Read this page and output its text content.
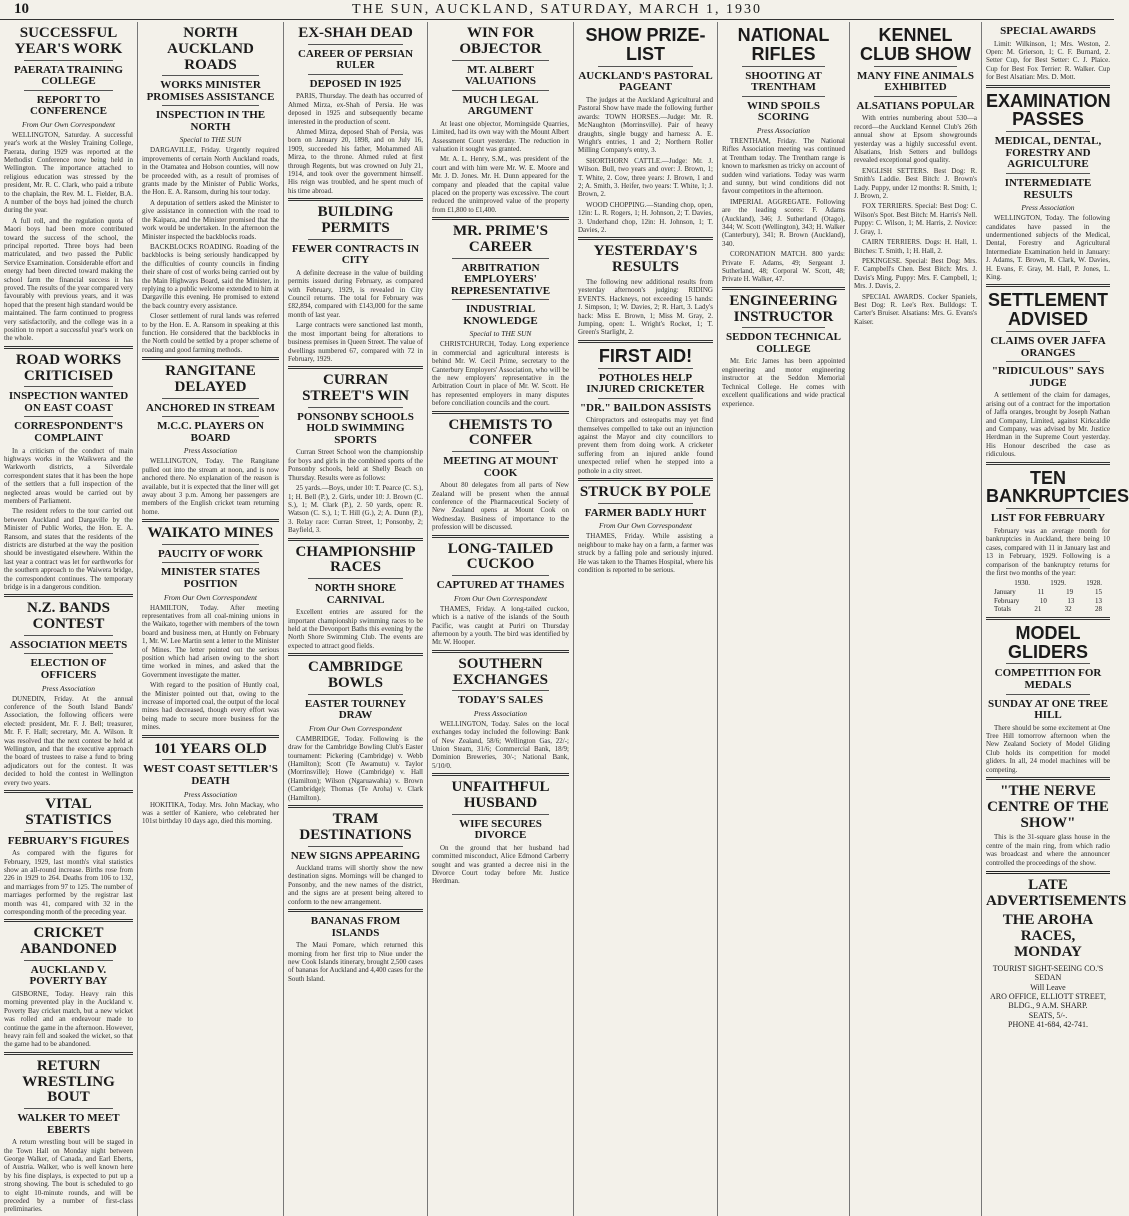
10	THE SUN, AUCKLAND, SATURDAY, MARCH 1, 1930
SUCCESSFUL YEAR'S WORK
PAERATA TRAINING COLLEGE
REPORT TO CONFERENCE
From Our Own Correspondent

WELLINGTON, Saturday. A successful year's work at the Wesley Training College, Paerata, during 1929 was reported at the Methodist Conference now being held in Wellington. The importance attached to religious education was stressed by the president, Mr. R. C. Clark, who paid a tribute to the chaplain, the Rev. M. L. Fielder, B.A. A number of the boys had joined the church during the year.

A full roll, and the regulation quota of Maori boys had been more contributed toward the success of the school, the principal reported. Three boys had been matriculated, and two passed the Public Service Examination. Considerable effort and energy had been directed toward making the school farm the financial success it has proved. The results of the year compared very favourably with previous years, and it was hoped that the present high standard would be maintained. The farm continued to progress very satisfactorily, and the college was in a position to report a successful year's work on the whole.

ROAD WORKS CRITICISED
INSPECTION WANTED ON EAST COAST
CORRESPONDENT'S COMPLAINT

In a criticism of the conduct of main highways works in the Waikwera and the Warkworth districts, a Silverdale correspondent states that it has been the hope of the settlers that a full inspection of the neglected areas would be carried out by members of Parliament.

The resident refers to the tour carried out between Auckland and Dargaville by the Minister of Public Works, the Hon. E. A. Ransom, and states that the residents of the districts are disturbed at the way the position should be investigated elsewhere. Within the last year a contract was let for earthworks for the southern approach to the Waiwera bridge, the correspondent continues. The temporary bridge is in a dangerous condition.

N.Z. BANDS CONTEST
ASSOCIATION MEETS
ELECTION OF OFFICERS
Press Association

DUNEDIN, Friday. At the annual conference of the South Island Bands' Association, the following officers were elected: president, Mr. F. J. Bell; treasurer, Mr. F. F. Hall; secretary, Mr. A. Wilson. It was resolved that the next contest be held at Wellington, and that the executive approach the board of trustees to raise a fund to bring adjudicators out for the contest. It was decided to hold the contest in Wellington every two years.

VITAL STATISTICS
FEBRUARY'S FIGURES

As compared with the figures for February, 1929, last month's vital statistics show an all-round increase. Births rose from 226 in 1929 to 264. Deaths from 106 to 132, and marriages from 97 to 125. The number of marriages performed by the registrar last month was 41, compared with 32 in the corresponding month of the preceding year.

CRICKET ABANDONED
AUCKLAND V. POVERTY BAY

GISBORNE, Today. Heavy rain this morning prevented play in the Auckland v. Poverty Bay cricket match, but a new wicket was rolled and an endeavour made to continue the game in the afternoon. However, heavy rain fell and soaked the wicket, so that the game had to be abandoned.

RETURN WRESTLING BOUT
WALKER TO MEET EBERTS

A return wrestling bout will be staged in the Town Hall on Monday night between George Walker, of Canada, and Earl Eberts, of Austria. Walker, who is well known here by his fine displays, is expected to put up a strong showing. The bout is scheduled to go to eight 10-minute rounds, and will be preceded by a number of first-class preliminaries.

NORTH AUCKLAND ROADS
WORKS MINISTER PROMISES ASSISTANCE
INSPECTION IN THE NORTH
Special to THE SUN

DARGAVILLE, Friday. Urgently required improvements of certain North Auckland roads, in the Otamatea and Hobson counties, will now be proceeded with, as a result of promises of grants made by the Minister of Public Works, the Hon. E. A. Ransom, during his tour today.

A deputation of settlers asked the Minister to give assistance in connection with the road to the Kaipara, and the Minister promised that the work would be undertaken. In the afternoon the Minister inspected the backblocks roads.

BACKBLOCKS ROADING. Roading of the backblocks is being seriously handicapped by the difficulties of county councils in finding their share of cost of works being carried out by the Main Highways Board, said the Minister, in replying to a public welcome extended to him at Dargaville this evening. He promised to extend the back country every assistance.

Closer settlement of rural lands was referred to by the Hon. E. A. Ransom in speaking at this function. He considered that the backblocks in the North could be settled by a proper scheme of roading and good farming methods.

RANGITANE DELAYED
ANCHORED IN STREAM
M.C.C. PLAYERS ON BOARD
Press Association

WELLINGTON, Today. The Rangitane pulled out into the stream at noon, and is now anchored there. No explanation of the reason is available, but it is expected that the liner will get away about 3 p.m. Among her passengers are members of the English cricket team returning home.

WAIKATO MINES
PAUCITY OF WORK
MINISTER STATES POSITION
From Our Own Correspondent

HAMILTON, Today. After meeting representatives from all coal-mining unions in the Waikato, together with members of the town board and business men, at Huntly on February 1, Mr. W. Lee Martin sent a letter to the Minister of Mines. The letter pointed out the serious position which had arisen owing to the short time worked in mines, and asked that the Government investigate the matter.

With regard to the position of Huntly coal, the Minister pointed out that, owing to the increase of imported coal, the output of the local mines had decreased, though every effort was being made to secure more business for the mines.

101 YEARS OLD
WEST COAST SETTLER'S DEATH
Press Association

HOKITIKA, Today. Mrs. John Mackay, who was a settler of Kaniere, who celebrated her 101st birthday 10 days ago, died this morning.

EX-SHAH DEAD
CAREER OF PERSIAN RULER
DEPOSED IN 1925

PARIS, Thursday. The death has occurred of Ahmed Mirza, ex-Shah of Persia. He was deposed in 1925 and subsequently became interested in the production of scent.

Ahmed Mirza, deposed Shah of Persia, was born on January 20, 1898, and on July 16, 1909, succeeded his father, Mohammed Ali Mirza, to the throne. Ahmed ruled at first through Regents, but was crowned on July 21, 1914, and took over the government himself. His reign was troubled, and he spent much of his time abroad.

BUILDING PERMITS
FEWER CONTRACTS IN CITY

A definite decrease in the value of building permits issued during February, as compared with February, 1929, is revealed in City Council returns. The total for February was £82,894, compared with £143,000 for the same month of last year.

Large contracts were sanctioned last month, the most important being for alterations to business premises in Queen Street. The value of dwellings numbered 67, compared with 72 in February, 1929.

CURRAN STREET'S WIN
PONSONBY SCHOOLS HOLD SWIMMING SPORTS

Curran Street School won the championship for boys and girls in the combined sports of the Ponsonby schools, held at Shelly Beach on Thursday. Results were as follows:

25 yards.—Boys, under 10: T. Pearce (C. S.), 1; H. Bell (P.), 2. Girls, under 10: J. Brown (C. S.), 1; M. Clark (P.), 2. 50 yards, open: R. Watson (C. S.), 1; T. Hill (G.), 2; A. Dunn (P.), 3. Relay race: Curran Street, 1; Ponsonby, 2; Bayfield, 3.

CHAMPIONSHIP RACES
NORTH SHORE CARNIVAL

Excellent entries are assured for the important championship swimming races to be held at the Devonport Baths this evening by the North Shore Swimming Club. The events are expected to attract good fields.

CAMBRIDGE BOWLS
EASTER TOURNEY DRAW
From Our Own Correspondent

CAMBRIDGE, Today. Following is the draw for the Cambridge Bowling Club's Easter tournament: Pickering (Cambridge) v. Webb (Hamilton); Scott (Te Awamutu) v. Taylor (Morrinsville); Howe (Cambridge) v. Hall (Hamilton); Wilson (Ngaruawahia) v. Brown (Cambridge); Thomas (Te Aroha) v. Clark (Hamilton).

TRAM DESTINATIONS
NEW SIGNS APPEARING

Auckland trams will shortly show the new destination signs. Mornings will be changed to Ponsonby, and the new names of the district, and the signs are at present being altered to conform to the new arrangement.

BANANAS FROM ISLANDS

The Maui Pomare, which returned this morning from her first trip to Niue under the new Cook Islands itinerary, brought 2,500 cases of bananas for Auckland and 4,400 cases for the South Island.

WIN FOR OBJECTOR
MT. ALBERT VALUATIONS
MUCH LEGAL ARGUMENT

At least one objector, Morningside Quarries, Limited, had its own way with the Mount Albert Assessment Court yesterday. The reduction in valuation it sought was granted.

Mr. A. L. Henry, S.M., was president of the court and with him were Mr. W. E. Moore and Mr. J. D. Jones. Mr. H. Dunn appeared for the company and pleaded that the capital value placed on the property was excessive. The court reduced the unimproved value of the property from £1,800 to £1,400.

MR. PRIME'S CAREER
ARBITRATION EMPLOYERS' REPRESENTATIVE
INDUSTRIAL KNOWLEDGE
Special to THE SUN

CHRISTCHURCH, Today. Long experience in commercial and agricultural interests is behind Mr. W. Cecil Prime, secretary to the Canterbury Employers' Association, who will be the new employers' representative in the Arbitration Court in place of Mr. W. Scott. He has represented employers in many disputes before conciliation councils and the court.

CHEMISTS TO CONFER
MEETING AT MOUNT COOK

About 80 delegates from all parts of New Zealand will be present when the annual conference of the Pharmaceutical Society of New Zealand opens at Mount Cook on Wednesday. Business of importance to the profession will be discussed.

LONG-TAILED CUCKOO
CAPTURED AT THAMES
From Our Own Correspondent

THAMES, Friday. A long-tailed cuckoo, which is a native of the islands of the South Pacific, was caught at Puriri on Thursday afternoon by a youth. The bird was identified by Mr. W. Hooper.

SOUTHERN EXCHANGES
TODAY'S SALES
Press Association

WELLINGTON, Today. Sales on the local exchanges today included the following: Bank of New Zealand, 58/6; Wellington Gas, 22/-; Union Steam, 31/6; Commercial Bank, 18/9; Dominion Breweries, 30/-; National Bank, 5/10/0.

UNFAITHFUL HUSBAND
WIFE SECURES DIVORCE

On the ground that her husband had committed misconduct, Alice Edmond Carberry sought and was granted a decree nisi in the Divorce Court today before Mr. Justice Herdman.

SHOW PRIZE-LIST
AUCKLAND'S PASTORAL PAGEANT

The judges at the Auckland Agricultural and Pastoral Show have made the following further awards: TOWN HORSES.—Judge: Mr. R. McNaughton (Morrinsville). Pair of heavy draughts, single buggy and harness: A. E. Wright's entries, 1 and 2; Northern Roller Milling Company's entry, 3.

SHORTHORN CATTLE.—Judge: Mr. J. Wilson. Bull, two years and over: J. Brown, 1; T. White, 2. Cow, three years: J. Brown, 1 and 2; A. Smith, 3. Heifer, two years: T. White, 1; J. Brown, 2.

WOOD CHOPPING.—Standing chop, open, 12in: L. R. Rogers, 1; H. Johnson, 2; T. Davies, 3. Underhand chop, 12in: H. Johnson, 1; T. Davies, 2.

YESTERDAY'S RESULTS

The following new additional results from yesterday afternoon's judging: RIDING EVENTS. Hackneys, not exceeding 15 hands: J. Simpson, 1; W. Davies, 2; R. Hart, 3. Lady's hack: Miss E. Brown, 1; Miss M. Gray, 2. Jumping, open: L. Wright's Rocket, 1; T. Green's Starlight, 2.

FIRST AID!
POTHOLES HELP INJURED CRICKETER
"DR." BAILDON ASSISTS

Chiropractors and osteopaths may yet find themselves compelled to take out an injunction against the Mayor and city councillors to prevent them from doing work. A cricketer suffering from an injured ankle found unexpected relief when he stepped into a pothole in a city street.

STRUCK BY POLE
FARMER BADLY HURT
From Our Own Correspondent

THAMES, Friday. While assisting a neighbour to make hay on a farm, a farmer was struck by a falling pole and seriously injured. He was taken to the Thames Hospital, where his condition is reported to be serious.

NATIONAL RIFLES
SHOOTING AT TRENTHAM
WIND SPOILS SCORING
Press Association

TRENTHAM, Friday. The National Rifles Association meeting was continued at Trentham today. The Trentham range is known to marksmen as tricky on account of sudden wind variations. Today was warm and sunny, but wind conditions did not favour competitors in the afternoon.

IMPERIAL AGGREGATE. Following are the leading scores: F. Adams (Auckland), 346; J. Sutherland (Otago), 344; W. Scott (Wellington), 343; H. Walker (Canterbury), 341; R. Brown (Auckland), 340.

CORONATION MATCH. 800 yards: Private F. Adams, 49; Sergeant J. Sutherland, 48; Corporal W. Scott, 48; Private H. Walker, 47.

ENGINEERING INSTRUCTOR
SEDDON TECHNICAL COLLEGE

Mr. Eric James has been appointed engineering and motor engineering instructor at the Seddon Memorial Technical College. He comes with excellent qualifications and wide practical experience.

KENNEL CLUB SHOW
MANY FINE ANIMALS EXHIBITED
ALSATIANS POPULAR

With entries numbering about 530—a record—the Auckland Kennel Club's 26th annual show at Epsom showgrounds yesterday was a highly successful event. Alsatians, Irish Setters and bulldogs revealed exceptional good quality.

ENGLISH SETTERS. Best Dog: R. Smith's Laddie. Best Bitch: J. Brown's Lady. Puppy, under 12 months: R. Smith, 1; J. Brown, 2.

FOX TERRIERS. Special: Best Dog: C. Wilson's Spot. Best Bitch: M. Harris's Nell. Puppy: C. Wilson, 1; M. Harris, 2. Novice: J. Gray, 1.

CAIRN TERRIERS. Dogs: H. Hall, 1. Bitches: T. Smith, 1; H. Hall, 2.

PEKINGESE. Special: Best Dog: Mrs. F. Campbell's Chen. Best Bitch: Mrs. J. Davis's Ming. Puppy: Mrs. F. Campbell, 1; Mrs. J. Davis, 2.

SPECIAL AWARDS. Cocker Spaniels, Best Dog: R. Lee's Rex. Bulldogs: T. Carter's Bruiser. Alsatians: Mrs. G. Evans's Kaiser.

SPECIAL AWARDS

Limit: Wilkinson, 1; Mrs. Weston, 2. Open: M. Grierson, 1; C. F. Burnard, 2. Setter Cup, for Best Setter: C. J. Plaice. Cup for Best Fox Terrier: R. Walker. Cup for Best Alsatian: Mrs. D. Mott.

EXAMINATION PASSES
MEDICAL, DENTAL, FORESTRY AND AGRICULTURE
INTERMEDIATE RESULTS
Press Association

WELLINGTON, Today. The following candidates have passed in the undermentioned subjects of the Medical, Dental, Forestry and Agricultural Intermediate Examination held in January: J. Adams, T. Brown, R. Clark, W. Davies, H. Evans, F. Gray, M. Hall, P. Jones, L. King.

SETTLEMENT ADVISED
CLAIMS OVER JAFFA ORANGES
"RIDICULOUS" SAYS JUDGE

A settlement of the claim for damages, arising out of a contract for the importation of Jaffa oranges, brought by Joseph Nathan and Company, Limited, against Kirkcaldie and Company, was advised by Mr. Justice Herdman in the Supreme Court yesterday. His Honour described the case as ridiculous.

TEN BANKRUPTCIES
LIST FOR FEBRUARY

February was an average month for bankruptcies in Auckland, there being 10 cases, compared with 11 in January last and 13 in February, 1929. Following is a comparison of the bankruptcy returns for the first two months of the year:

1930.	1929.	1928.
January	11	19	15
February	10	13	13
Totals	21	32	28
MODEL GLIDERS
COMPETITION FOR MEDALS
SUNDAY AT ONE TREE HILL

There should be some excitement at One Tree Hill tomorrow afternoon when the New Zealand Society of Model Gliding Club holds its competition for model gliders. In all, 24 model machines will be competing.

"THE NERVE CENTRE OF THE SHOW"

This is the 31-square glass house in the centre of the main ring, from which radio was broadcast and where the announcer controlled the proceedings of the show.

LATE ADVERTISEMENTS
THE AROHA RACES, MONDAY
TOURIST SIGHT-SEEING CO.'S SEDAN
Will Leave
ARO OFFICE, ELLIOTT STREET,
BLDG., 9 A.M. SHARP.
SEATS, 5/-.
PHONE 41-684, 42-741.
